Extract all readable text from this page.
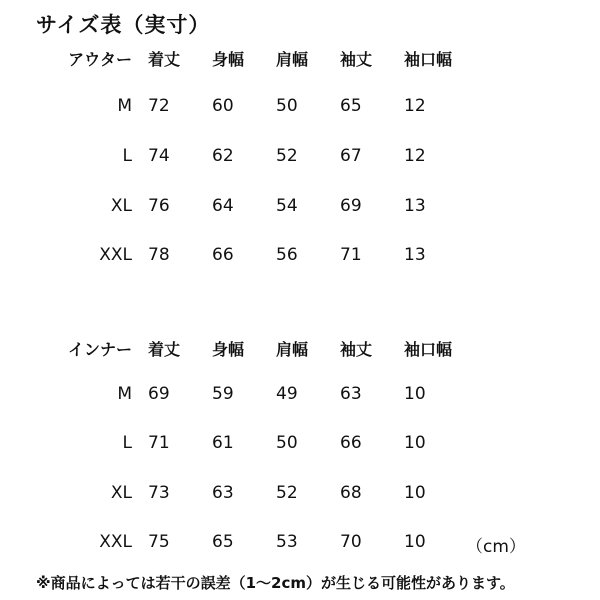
サイズ表（実寸）
アウター 着丈 身幅 肩幅 袖丈 袖口幅
M 72 60 50 65 12
L 74 62 52 67 12
XL 76 64 54 69 13
XXL 78 66 56 71 13
インナー 着丈 身幅 肩幅 袖丈 袖口幅
M 69 59 49 63 10
L 71 61 50 66 10
XL 73 63 52 68 10
XXL 75 65 53 70 10 （cm）
※商品によっては若干の誤差（1〜2cm）が生じる可能性があります。
